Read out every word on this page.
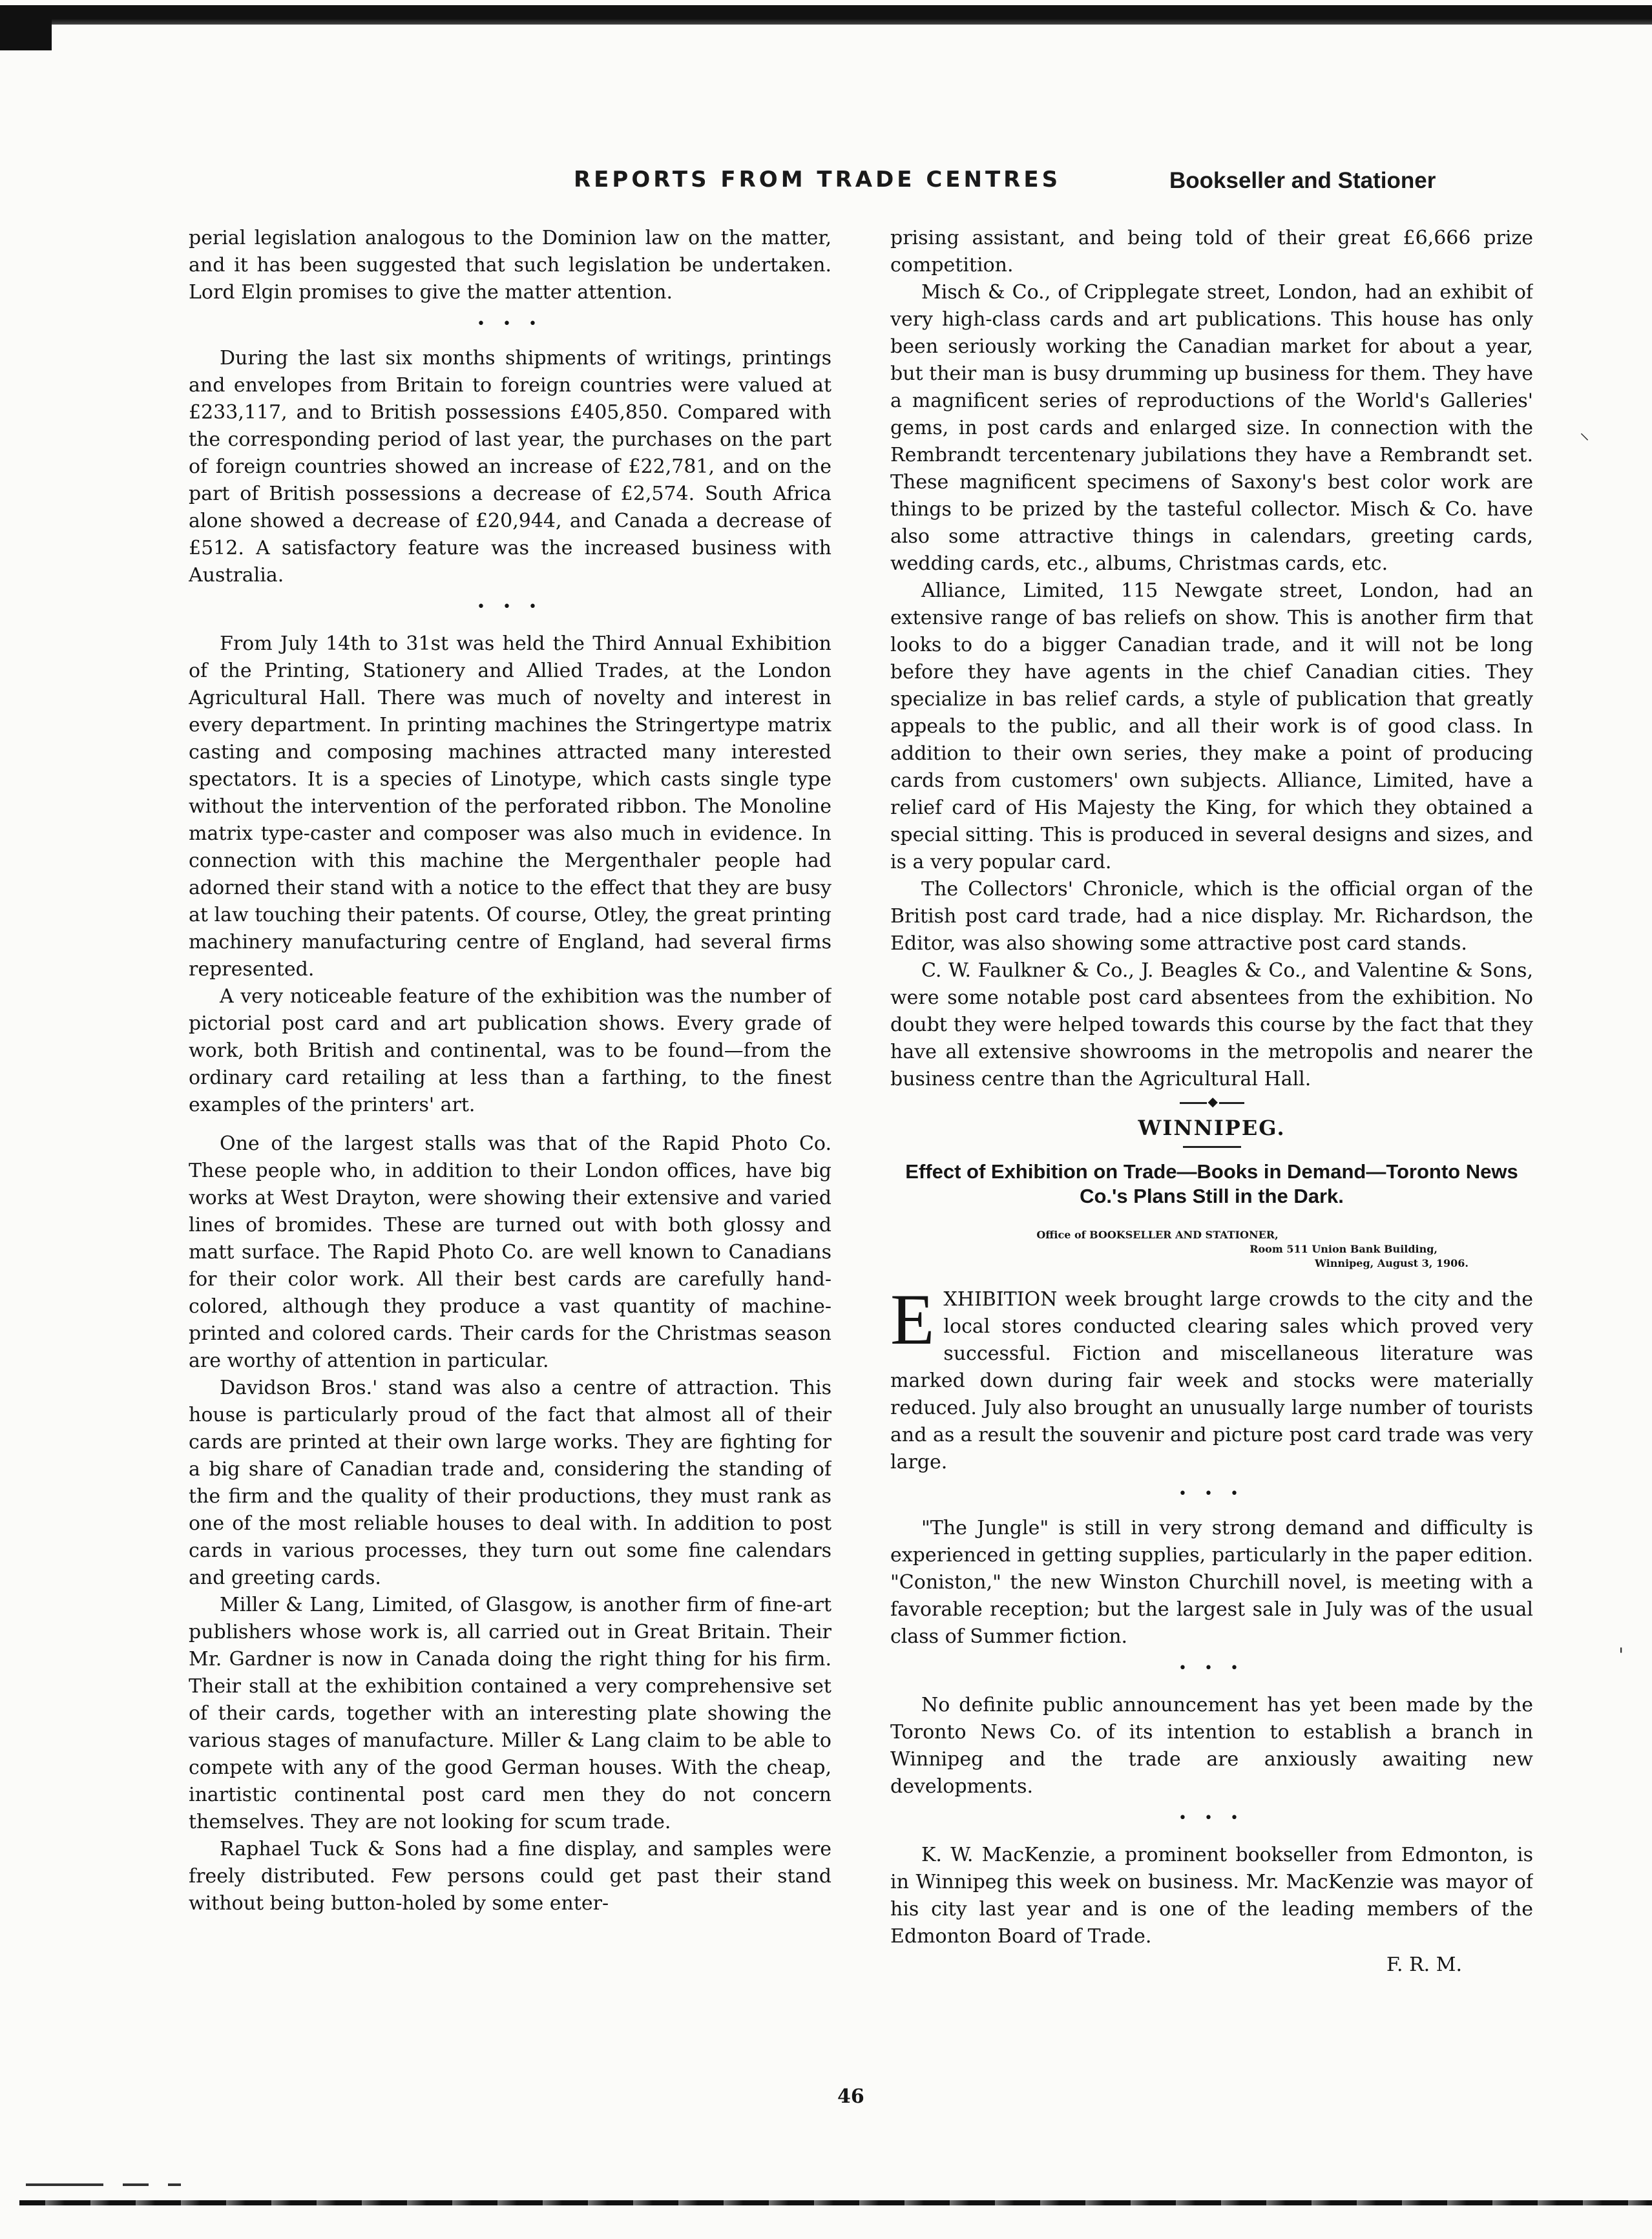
REPORTS FROM TRADE CENTRES	Bookseller and Stationer

perial legislation analogous to the Dominion law on the matter, and it has been suggested that such legislation be undertaken. Lord Elgin promises to give the matter attention.

• • •

During the last six months shipments of writings, printings and envelopes from Britain to foreign countries were valued at £233,117, and to British possessions £405,850. Compared with the corresponding period of last year, the purchases on the part of foreign countries showed an increase of £22,781, and on the part of British possessions a decrease of £2,574. South Africa alone showed a decrease of £20,944, and Canada a decrease of £512. A satisfactory feature was the increased business with Australia.

• • •

From July 14th to 31st was held the Third Annual Exhibition of the Printing, Stationery and Allied Trades, at the London Agricultural Hall. There was much of novelty and interest in every department. In printing machines the Stringertype matrix casting and composing machines attracted many interested spectators. It is a species of Linotype, which casts single type without the intervention of the perforated ribbon. The Monoline matrix type-caster and composer was also much in evidence. In connection with this machine the Mergenthaler people had adorned their stand with a notice to the effect that they are busy at law touching their patents. Of course, Otley, the great printing machinery manufacturing centre of England, had several firms represented.

A very noticeable feature of the exhibition was the number of pictorial post card and art publication shows. Every grade of work, both British and continental, was to be found—from the ordinary card retailing at less than a farthing, to the finest examples of the printers' art.

One of the largest stalls was that of the Rapid Photo Co. These people who, in addition to their London offices, have big works at West Drayton, were showing their extensive and varied lines of bromides. These are turned out with both glossy and matt surface. The Rapid Photo Co. are well known to Canadians for their color work. All their best cards are carefully hand-colored, although they produce a vast quantity of machine-printed and colored cards. Their cards for the Christmas season are worthy of attention in particular.

Davidson Bros.' stand was also a centre of attraction. This house is particularly proud of the fact that almost all of their cards are printed at their own large works. They are fighting for a big share of Canadian trade and, considering the standing of the firm and the quality of their productions, they must rank as one of the most reliable houses to deal with. In addition to post cards in various processes, they turn out some fine calendars and greeting cards.

Miller & Lang, Limited, of Glasgow, is another firm of fine-art publishers whose work is, all carried out in Great Britain. Their Mr. Gardner is now in Canada doing the right thing for his firm. Their stall at the exhibition contained a very comprehensive set of their cards, together with an interesting plate showing the various stages of manufacture. Miller & Lang claim to be able to compete with any of the good German houses. With the cheap, inartistic continental post card men they do not concern themselves. They are not looking for scum trade.

Raphael Tuck & Sons had a fine display, and samples were freely distributed. Few persons could get past their stand without being button-holed by some enter-

prising assistant, and being told of their great £6,666 prize competition.

Misch & Co., of Cripplegate street, London, had an exhibit of very high-class cards and art publications. This house has only been seriously working the Canadian market for about a year, but their man is busy drumming up business for them. They have a magnificent series of reproductions of the World's Galleries' gems, in post cards and enlarged size. In connection with the Rembrandt tercentenary jubilations they have a Rembrandt set. These magnificent specimens of Saxony's best color work are things to be prized by the tasteful collector. Misch & Co. have also some attractive things in calendars, greeting cards, wedding cards, etc., albums, Christmas cards, etc.

Alliance, Limited, 115 Newgate street, London, had an extensive range of bas reliefs on show. This is another firm that looks to do a bigger Canadian trade, and it will not be long before they have agents in the chief Canadian cities. They specialize in bas relief cards, a style of publication that greatly appeals to the public, and all their work is of good class. In addition to their own series, they make a point of producing cards from customers' own subjects. Alliance, Limited, have a relief card of His Majesty the King, for which they obtained a special sitting. This is produced in several designs and sizes, and is a very popular card.

The Collectors' Chronicle, which is the official organ of the British post card trade, had a nice display. Mr. Richardson, the Editor, was also showing some attractive post card stands.

C. W. Faulkner & Co., J. Beagles & Co., and Valentine & Sons, were some notable post card absentees from the exhibition. No doubt they were helped towards this course by the fact that they have all extensive showrooms in the metropolis and nearer the business centre than the Agricultural Hall.

◆
WINNIPEG.
Effect of Exhibition on Trade—Books in Demand—Toronto News Co.'s Plans Still in the Dark.
Office of BOOKSELLER AND STATIONER,
Room 511 Union Bank Building,
Winnipeg, August 3, 1906.
E XHIBITION week brought large crowds to the city and the local stores conducted clearing sales which proved very successful. Fiction and miscellaneous literature was marked down during fair week and stocks were materially reduced. July also brought an unusually large number of tourists and as a result the souvenir and picture post card trade was very large.

• • •

"The Jungle" is still in very strong demand and difficulty is experienced in getting supplies, particularly in the paper edition. "Coniston," the new Winston Churchill novel, is meeting with a favorable reception; but the largest sale in July was of the usual class of Summer fiction.

• • •

No definite public announcement has yet been made by the Toronto News Co. of its intention to establish a branch in Winnipeg and the trade are anxiously awaiting new developments.

• • •

K. W. MacKenzie, a prominent bookseller from Edmonton, is in Winnipeg this week on business. Mr. MacKenzie was mayor of his city last year and is one of the leading members of the Edmonton Board of Trade.

F. R. M.
46
⸌
'
